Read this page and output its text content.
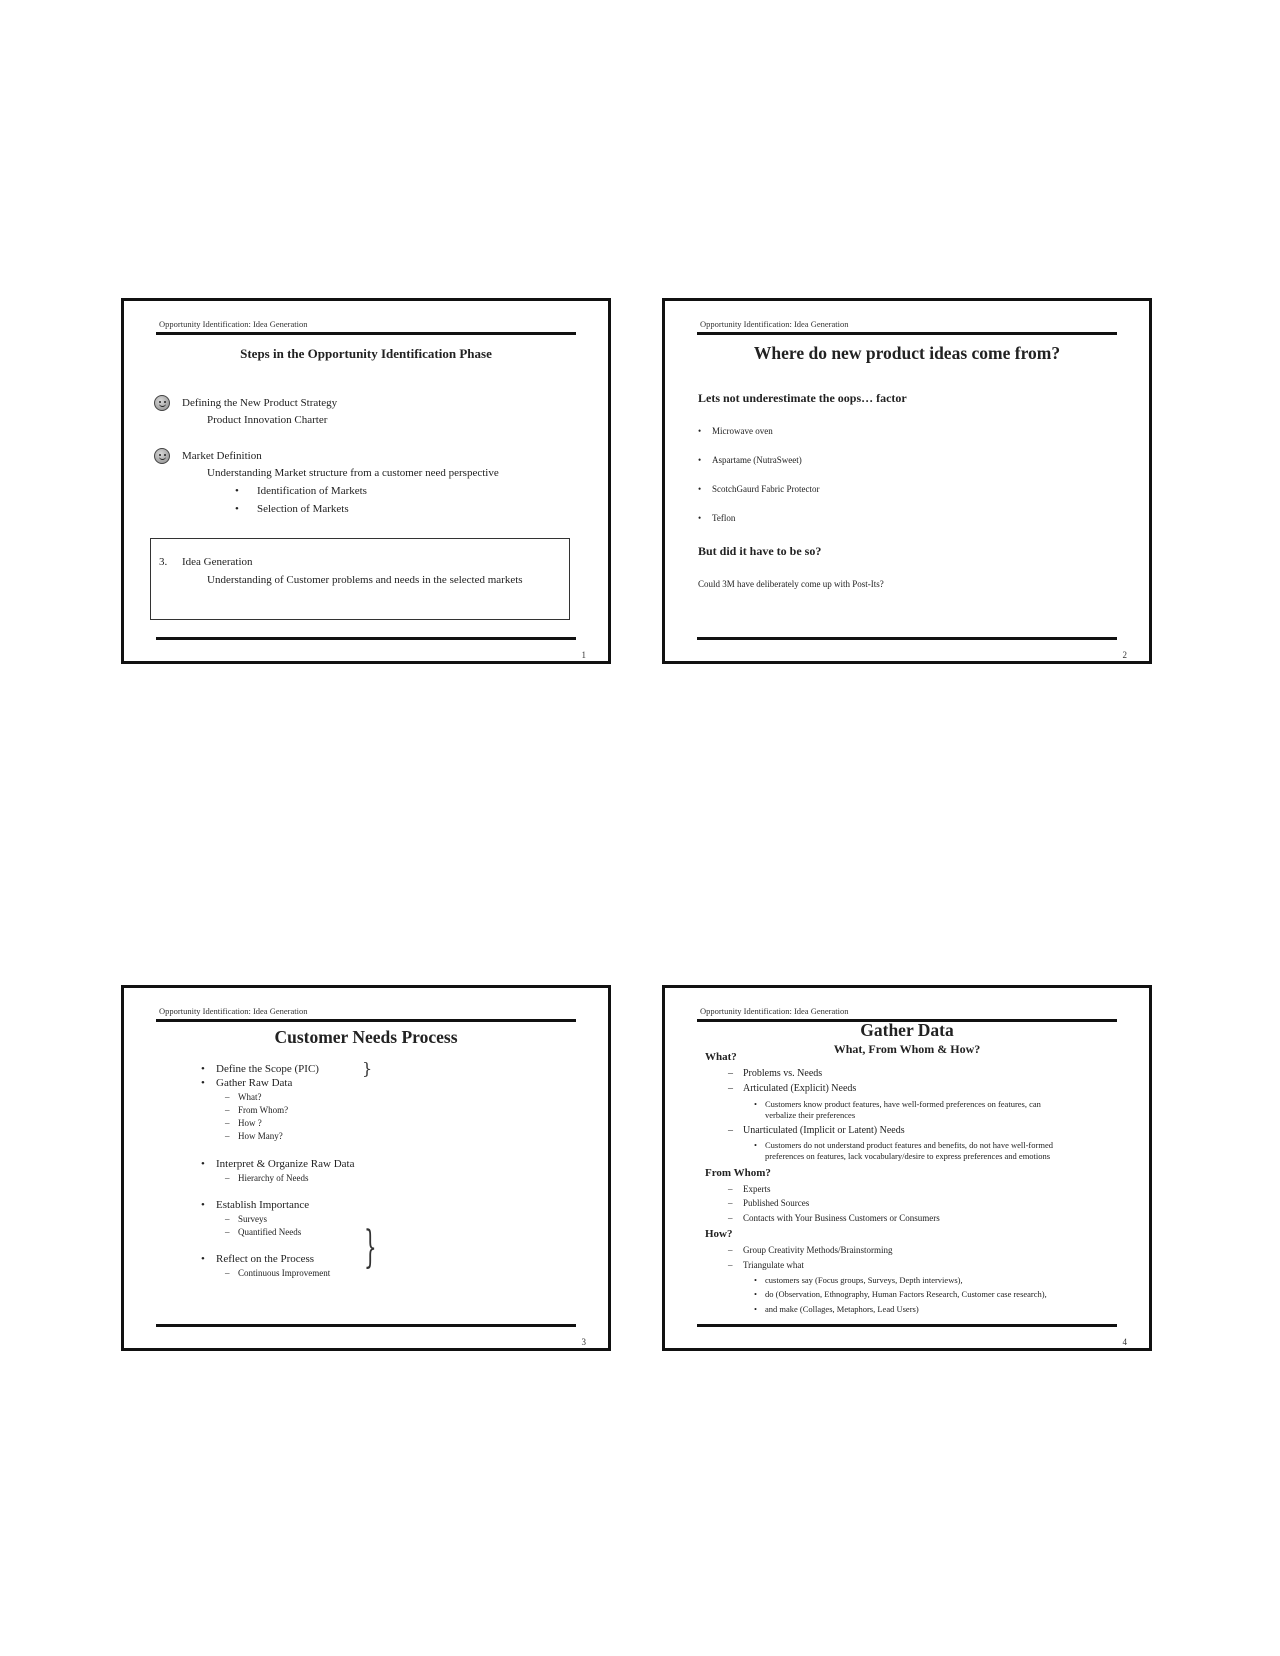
Opportunity Identification: Idea Generation
Steps in the Opportunity Identification Phase
Defining the New Product Strategy
Product Innovation Charter
Market Definition
Understanding Market structure from a customer need perspective
• Identification of Markets
• Selection of Markets
3. Idea Generation
Understanding of Customer problems and needs in the selected markets
1
Opportunity Identification: Idea Generation
Where do new product ideas come from?
Lets not underestimate the oops… factor
• Microwave oven
• Aspartame (NutraSweet)
• ScotchGaurd Fabric Protector
• Teflon
But did it have to be so?
Could 3M have deliberately come up with Post-Its?
2
Opportunity Identification: Idea Generation
Customer Needs Process
• Define the Scope (PIC)	}
• Gather Raw Data
– What?
– From Whom?
– How ?
– How Many?
• Interpret & Organize Raw Data
– Hierarchy of Needs
• Establish Importance
– Surveys
– Quantified Needs }
• Reflect on the Process
– Continuous Improvement
3
Opportunity Identification: Idea Generation
Gather Data
What, From Whom & How?
What?
– Problems vs. Needs
– Articulated (Explicit) Needs
• Customers know product features, have well-formed preferences on features, can
verbalize their preferences
– Unarticulated (Implicit or Latent) Needs
• Customers do not understand product features and benefits, do not have well-formed
preferences on features, lack vocabulary/desire to express preferences and emotions
From Whom?
– Experts
– Published Sources
– Contacts with Your Business Customers or Consumers
How?
– Group Creativity Methods/Brainstorming
– Triangulate what
• customers say (Focus groups, Surveys, Depth interviews),
• do (Observation, Ethnography, Human Factors Research, Customer case research),
• and make (Collages, Metaphors, Lead Users)
4
